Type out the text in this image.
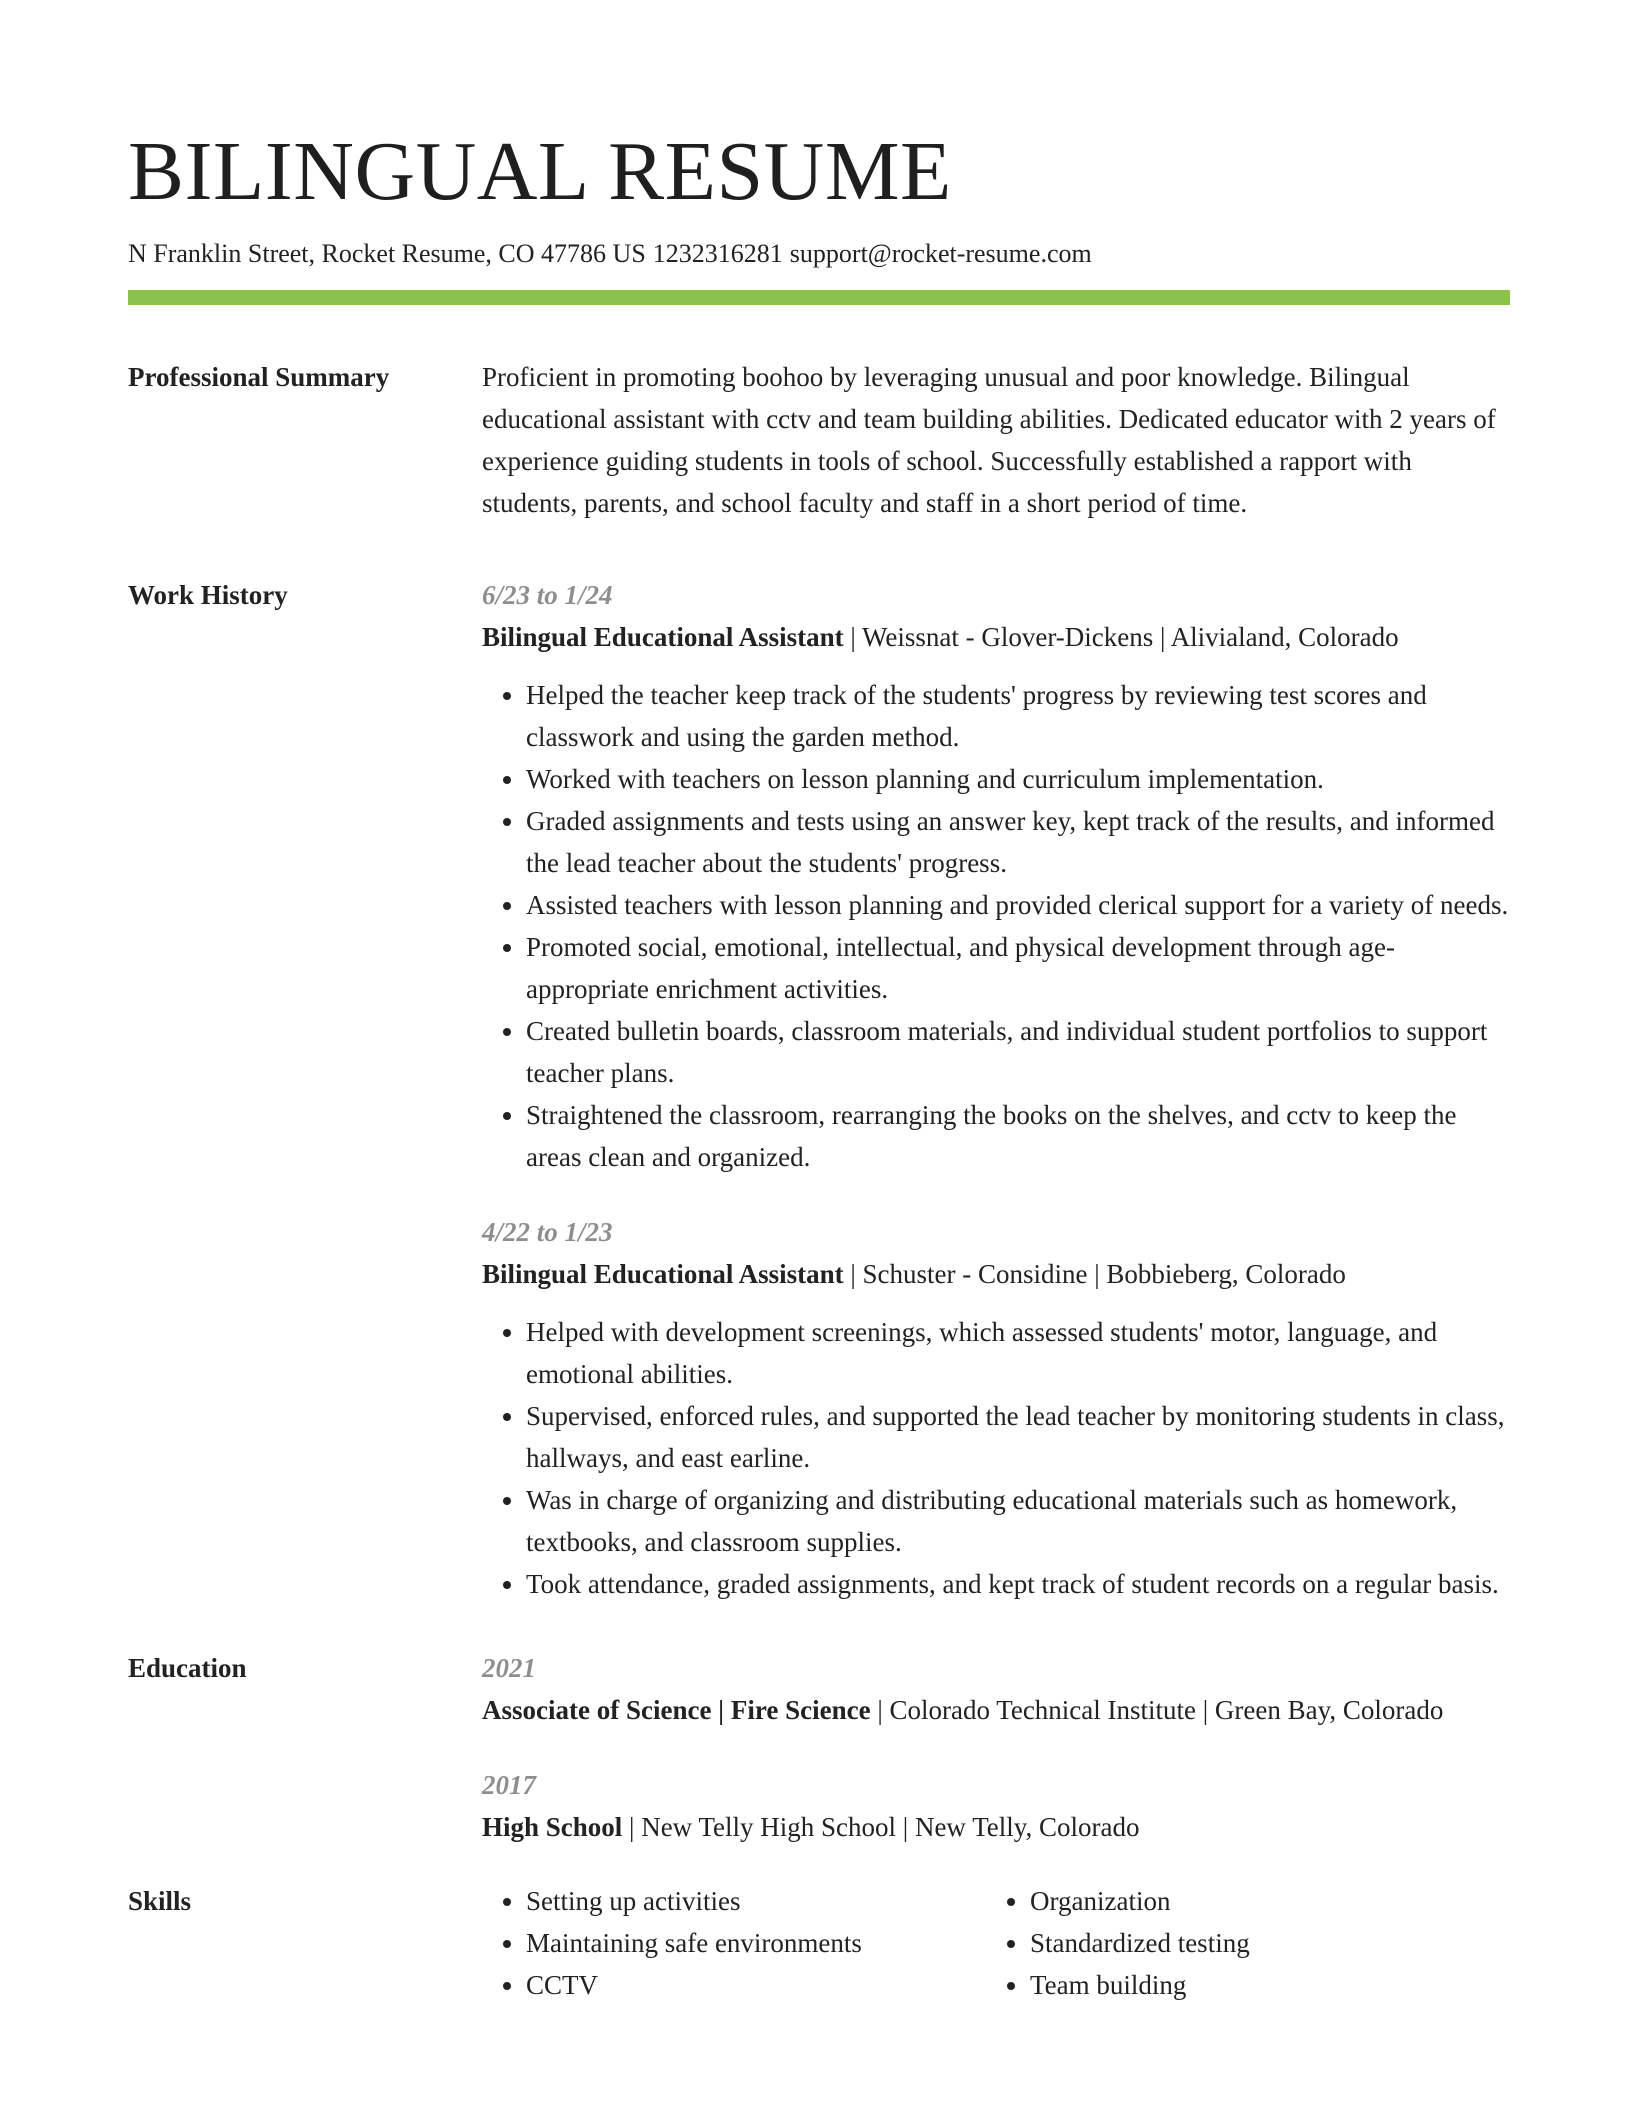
BILINGUAL RESUME
N Franklin Street, Rocket Resume, CO 47786 US 1232316281 support@rocket-resume.com
Professional Summary	Proficient in promoting boohoo by leveraging unusual and poor knowledge. Bilingual educational assistant with cctv and team building abilities. Dedicated educator with 2 years of experience guiding students in tools of school. Successfully established a rapport with students, parents, and school faculty and staff in a short period of time.

Work History	6/23 to 1/24
Bilingual Educational Assistant | Weissnat - Glover-Dickens | Alivialand, Colorado
• Helped the teacher keep track of the students' progress by reviewing test scores and classwork and using the garden method.
• Worked with teachers on lesson planning and curriculum implementation.
• Graded assignments and tests using an answer key, kept track of the results, and informed the lead teacher about the students' progress.
• Assisted teachers with lesson planning and provided clerical support for a variety of needs.
• Promoted social, emotional, intellectual, and physical development through age-appropriate enrichment activities.
• Created bulletin boards, classroom materials, and individual student portfolios to support teacher plans.
• Straightened the classroom, rearranging the books on the shelves, and cctv to keep the areas clean and organized.
4/22 to 1/23
Bilingual Educational Assistant | Schuster - Considine | Bobbieberg, Colorado
• Helped with development screenings, which assessed students' motor, language, and emotional abilities.
• Supervised, enforced rules, and supported the lead teacher by monitoring students in class, hallways, and east earline.
• Was in charge of organizing and distributing educational materials such as homework, textbooks, and classroom supplies.
• Took attendance, graded assignments, and kept track of student records on a regular basis.
Education	2021
Associate of Science | Fire Science | Colorado Technical Institute | Green Bay, Colorado
2017
High School | New Telly High School | New Telly, Colorado
Skills
•	Setting up activities
• Maintaining safe environments
• CCTV
• Organization
• Standardized testing
• Team building
